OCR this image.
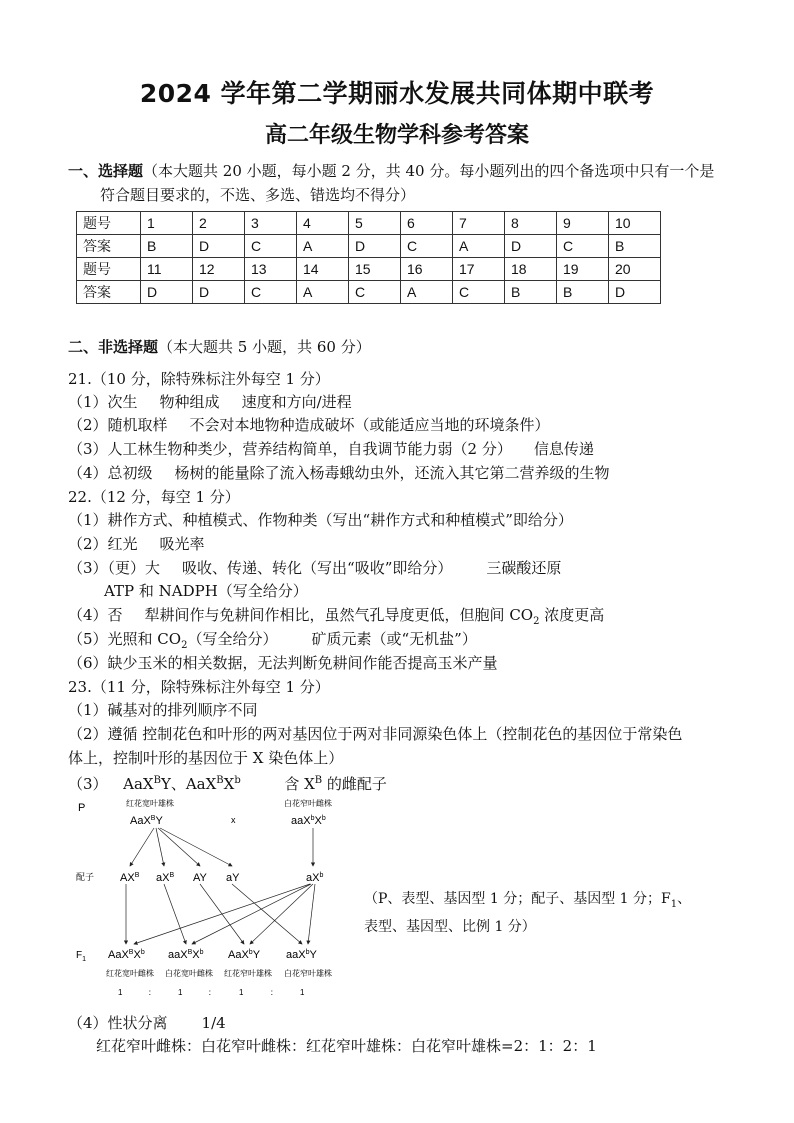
2024 学年第二学期丽水发展共同体期中联考
高二年级生物学科参考答案
一、选择题（本大题共 20 小题，每小题 2 分，共 40 分。每小题列出的四个备选项中只有一个是
符合题目要求的，不选、多选、错选均不得分）
题号	1	2	3	4	5	6	7	8	9	10
答案	B	D	C	A	D	C	A	D	C	B
题号	11	12	13	14	15	16	17	18	19	20
答案	D	D	C	A	C	A	C	B	B	D
二、非选择题（本大题共 5 小题，共 60 分）
21.（10 分，除特殊标注外每空 1 分）
（1）次生 物种组成 速度和方向/进程
（2）随机取样 不会对本地物种造成破坏（或能适应当地的环境条件）
（3）人工林生物种类少，营养结构简单，自我调节能力弱（2 分） 信息传递
（4）总初级 杨树的能量除了流入杨毒蛾幼虫外，还流入其它第二营养级的生物
22.（12 分，每空 1 分）
（1）耕作方式、种植模式、作物种类（写出“耕作方式和种植模式”即给分）
（2）红光 吸光率
（3）（更）大 吸收、传递、转化（写出“吸收”即给分） 三碳酸还原
ATP 和 NADPH（写全给分）
（4）否 犁耕间作与免耕间作相比，虽然气孔导度更低，但胞间 $CO_2$ 浓度更高
（5）光照和 $CO_2$（写全给分） 矿质元素（或“无机盐”）
（6）缺少玉米的相关数据，无法判断免耕间作能否提高玉米产量
23.（11 分，除特殊标注外每空 1 分）
（1）碱基对的排列顺序不同
（2）遵循 控制花色和叶形的两对基因位于两对非同源染色体上（控制花色的基因位于常染色
体上，控制叶形的基因位于 X 染色体上）
（3） AaX$^B$Y、$AaX^BX^b$	含 $X^B$ 的雌配子
P	红花宽叶雄株
AaX$^B$Y	x
白花窄叶雌株
$aaX^bX^b$
配子 $AX^B$ $aX^B$ AY aY	$aX^b$
$F_1$ $AaX^BX^b$ $aaX^BX^b$ AaX$^b$Y aaX$^b$Y
红花宽叶雌株 白花宽叶雌株 红花窄叶雄株 白花窄叶雄株
1	：	1	：	1	：	1
（P、表型、基因型 1 分；配子、基因型 1 分；$F_1$、
表型、基因型、比例 1 分）
（4）性状分离 1/4
红花窄叶雌株：白花窄叶雌株：红花窄叶雄株：白花窄叶雄株=2：1：2：1
